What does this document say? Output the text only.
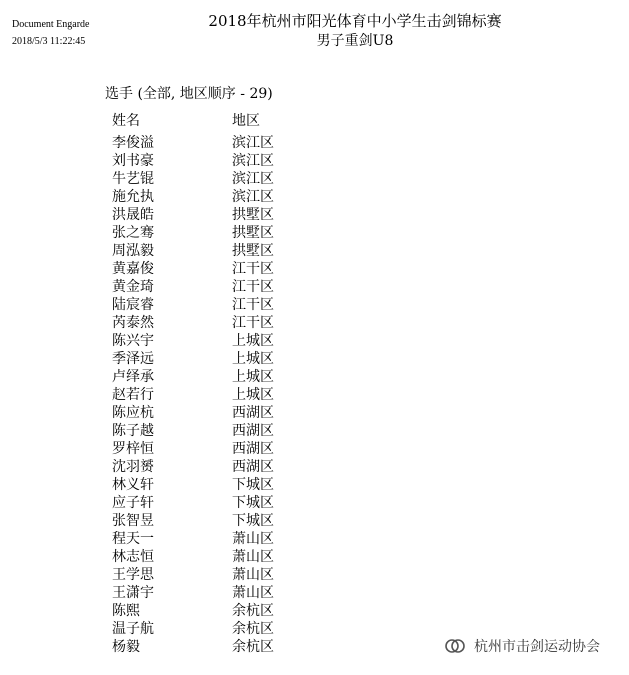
Document Engarde
2018/5/3 11:22:45
2018年杭州市阳光体育中小学生击剑锦标赛
男子重剑U8
选手 (全部, 地区顺序 - 29)
姓名	地区
李俊溢	滨江区
刘书豪	滨江区
牛艺锟	滨江区
施允执	滨江区
洪晟皓	拱墅区
张之骞	拱墅区
周泓毅	拱墅区
黄嘉俊	江干区
黄金琦	江干区
陆宸睿	江干区
芮泰然	江干区
陈兴宇	上城区
季泽远	上城区
卢绎承	上城区
赵若行	上城区
陈应杭	西湖区
陈子越	西湖区
罗梓恒	西湖区
沈羽赟	西湖区
林义轩	下城区
应子轩	下城区
张智昱	下城区
程天一	萧山区
林志恒	萧山区
王学思	萧山区
王潇宇	萧山区
陈熙	余杭区
温子航	余杭区
杨毅	余杭区	杭州市击剑运动协会
